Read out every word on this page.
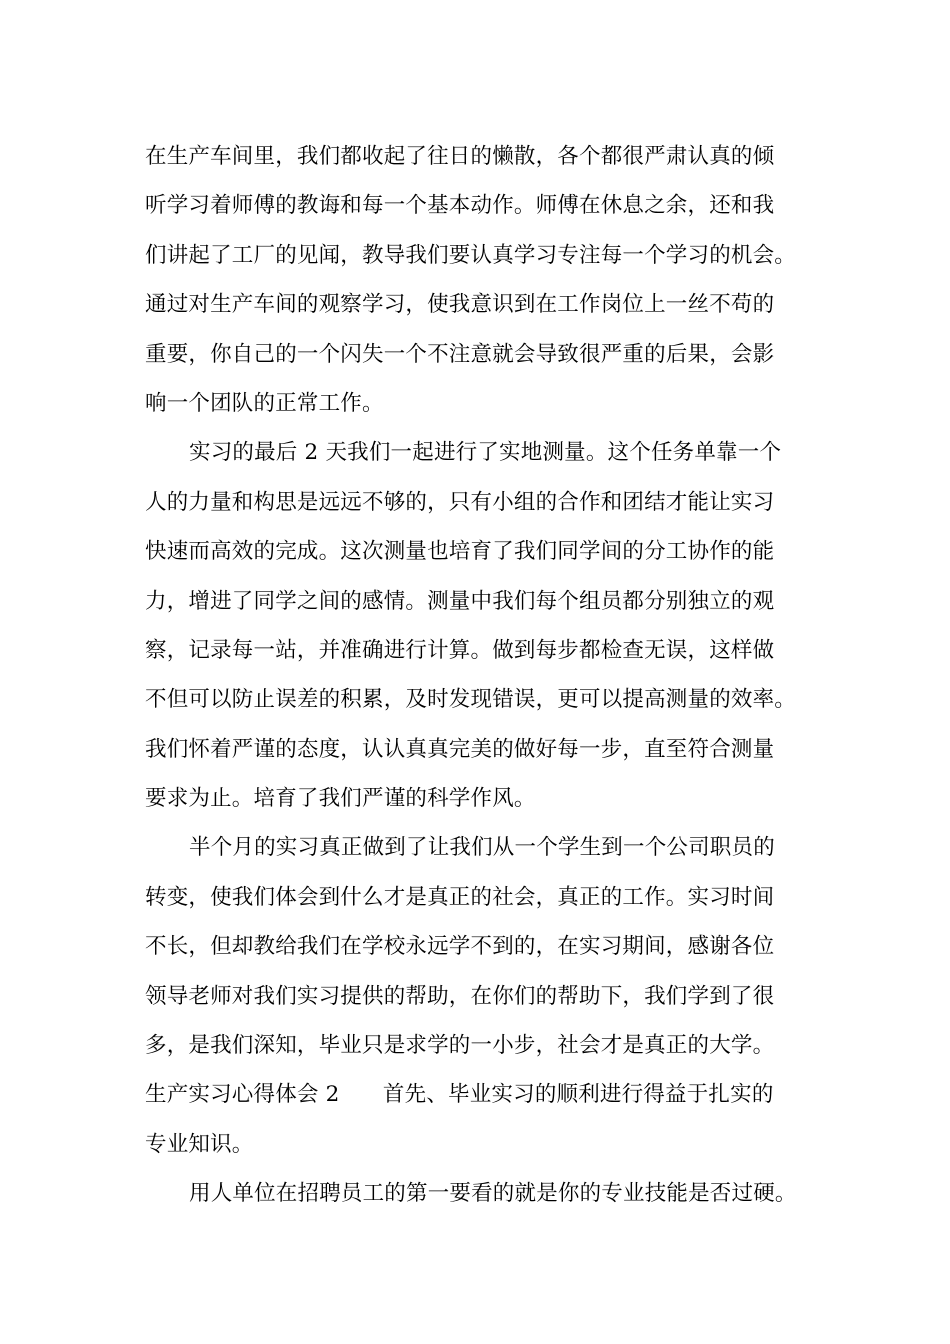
在生产车间里，我们都收起了往日的懒散，各个都很严肃认真的倾
听学习着师傅的教诲和每一个基本动作。师傅在休息之余，还和我
们讲起了工厂的见闻，教导我们要认真学习专注每一个学习的机会。
通过对生产车间的观察学习，使我意识到在工作岗位上一丝不苟的
重要，你自己的一个闪失一个不注意就会导致很严重的后果，会影
响一个团队的正常工作。
实习的最后 2 天我们一起进行了实地测量。这个任务单靠一个
人的力量和构思是远远不够的，只有小组的合作和团结才能让实习
快速而高效的完成。这次测量也培育了我们同学间的分工协作的能
力，增进了同学之间的感情。测量中我们每个组员都分别独立的观
察，记录每一站，并准确进行计算。做到每步都检查无误，这样做
不但可以防止误差的积累，及时发现错误，更可以提高测量的效率。
我们怀着严谨的态度，认认真真完美的做好每一步，直至符合测量
要求为止。培育了我们严谨的科学作风。
半个月的实习真正做到了让我们从一个学生到一个公司职员的
转变，使我们体会到什么才是真正的社会，真正的工作。实习时间
不长，但却教给我们在学校永远学不到的，在实习期间，感谢各位
领导老师对我们实习提供的帮助，在你们的帮助下，我们学到了很
多，是我们深知，毕业只是求学的一小步，社会才是真正的大学。
生产实习心得体会 2　　首先、毕业实习的顺利进行得益于扎实的
专业知识。
用人单位在招聘员工的第一要看的就是你的专业技能是否过硬。
